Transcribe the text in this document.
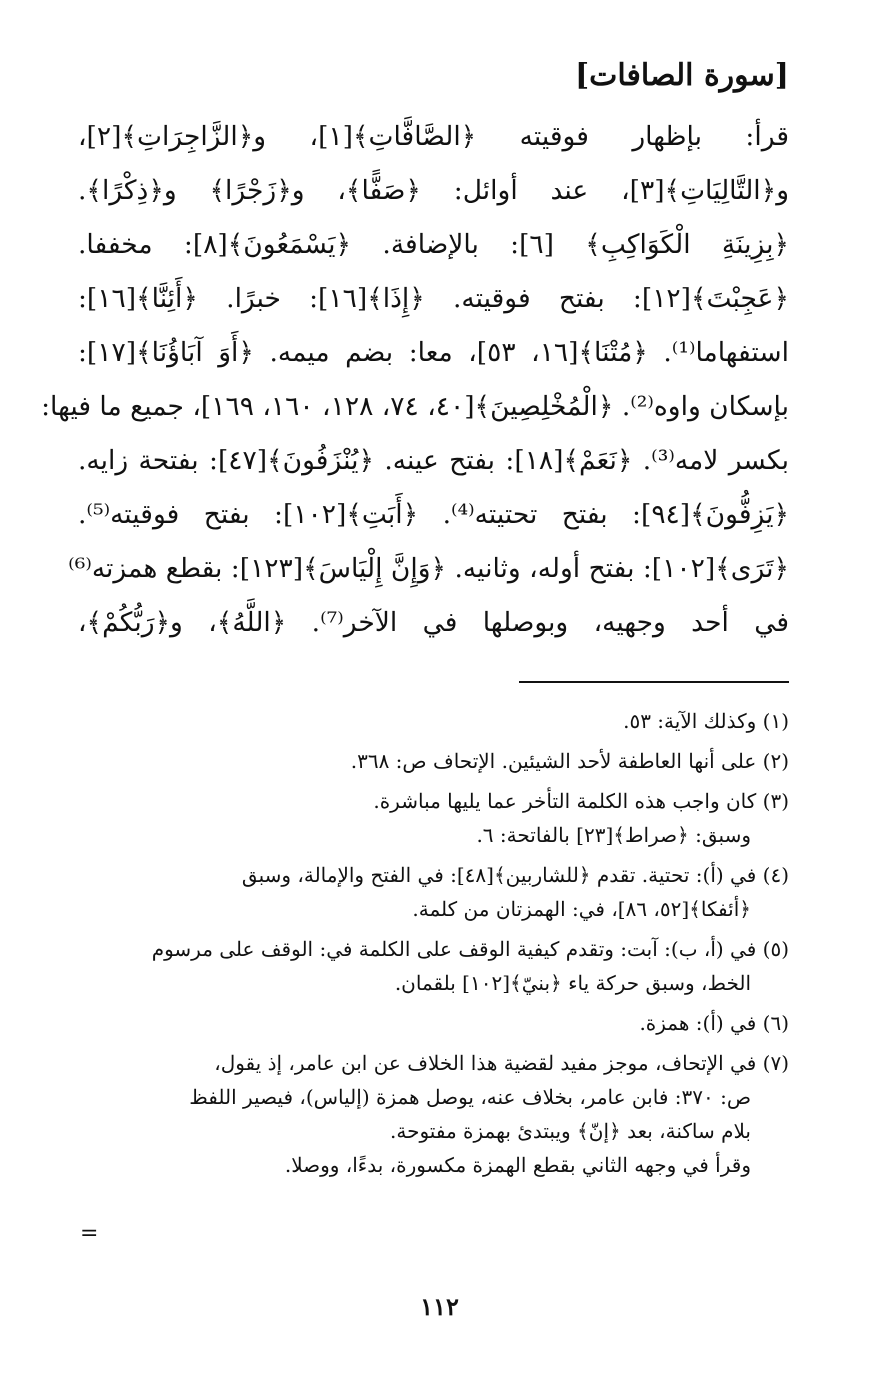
[سورة الصافات]
قرأ: بإظهار فوقيته ﴿الصَّافَّاتِ﴾[١]، و﴿الزَّاجِرَاتِ﴾[٢]،
و﴿التَّالِيَاتِ﴾[٣]، عند أوائل: ﴿صَفًّا﴾، و﴿زَجْرًا﴾ و﴿ذِكْرًا﴾.
﴿بِزِينَةِ الْكَوَاكِبِ﴾ [٦]: بالإضافة. ﴿يَسْمَعُونَ﴾[٨]: مخففا.
﴿عَجِبْتَ﴾[١٢]: بفتح فوقيته. ﴿إِذَا﴾[١٦]: خبرًا. ﴿أَئِنَّا﴾[١٦]:
استفهاما⁽¹⁾. ﴿مُتْنَا﴾[١٦، ٥٣]، معا: بضم ميمه. ﴿أَوَ آبَاؤُنَا﴾[١٧]:
بإسكان واوه⁽²⁾. ﴿الْمُخْلِصِينَ﴾[٤٠، ٧٤، ١٢٨، ١٦٠، ١٦٩]، جميع ما فيها:
بكسر لامه⁽³⁾. ﴿نَعَمْ﴾[١٨]: بفتح عينه. ﴿يُنْزَفُونَ﴾[٤٧]: بفتحة زايه.
﴿يَزِفُّونَ﴾[٩٤]: بفتح تحتيته⁽⁴⁾. ﴿أَبَتِ﴾[١٠٢]: بفتح فوقيته⁽⁵⁾.
﴿تَرَى﴾[١٠٢]: بفتح أوله، وثانيه. ﴿وَإِنَّ إِلْيَاسَ﴾[١٢٣]: بقطع همزته⁽⁶⁾
في أحد وجهيه، وبوصلها في الآخر⁽⁷⁾. ﴿اللَّهُ﴾، و﴿رَبُّكُمْ﴾،
(١) وكذلك الآية: ٥٣.
(٢) على أنها العاطفة لأحد الشيئين. الإتحاف ص: ٣٦٨.
(٣) كان واجب هذه الكلمة التأخر عما يليها مباشرة.
وسبق: ﴿صراط﴾[٢٣] بالفاتحة: ٦.
(٤) في (أ): تحتية. تقدم ﴿للشاربين﴾[٤٨]: في الفتح والإمالة، وسبق
﴿أئفكا﴾[٥٢، ٨٦]، في: الهمزتان من كلمة.
(٥) في (أ، ب): آبت: وتقدم كيفية الوقف على الكلمة في: الوقف على مرسوم
الخط، وسبق حركة ياء ﴿بنيّ﴾[١٠٢] بلقمان.
(٦) في (أ): همزة.
(٧) في الإتحاف، موجز مفيد لقضية هذا الخلاف عن ابن عامر، إذ يقول،
ص: ٣٧٠: فابن عامر، بخلاف عنه، يوصل همزة (إلياس)، فيصير اللفظ
بلام ساكنة، بعد ﴿إنّ﴾ ويبتدئ بهمزة مفتوحة.
وقرأ في وجهه الثاني بقطع الهمزة مكسورة، بدءًا، ووصلا.
=
١١٢
